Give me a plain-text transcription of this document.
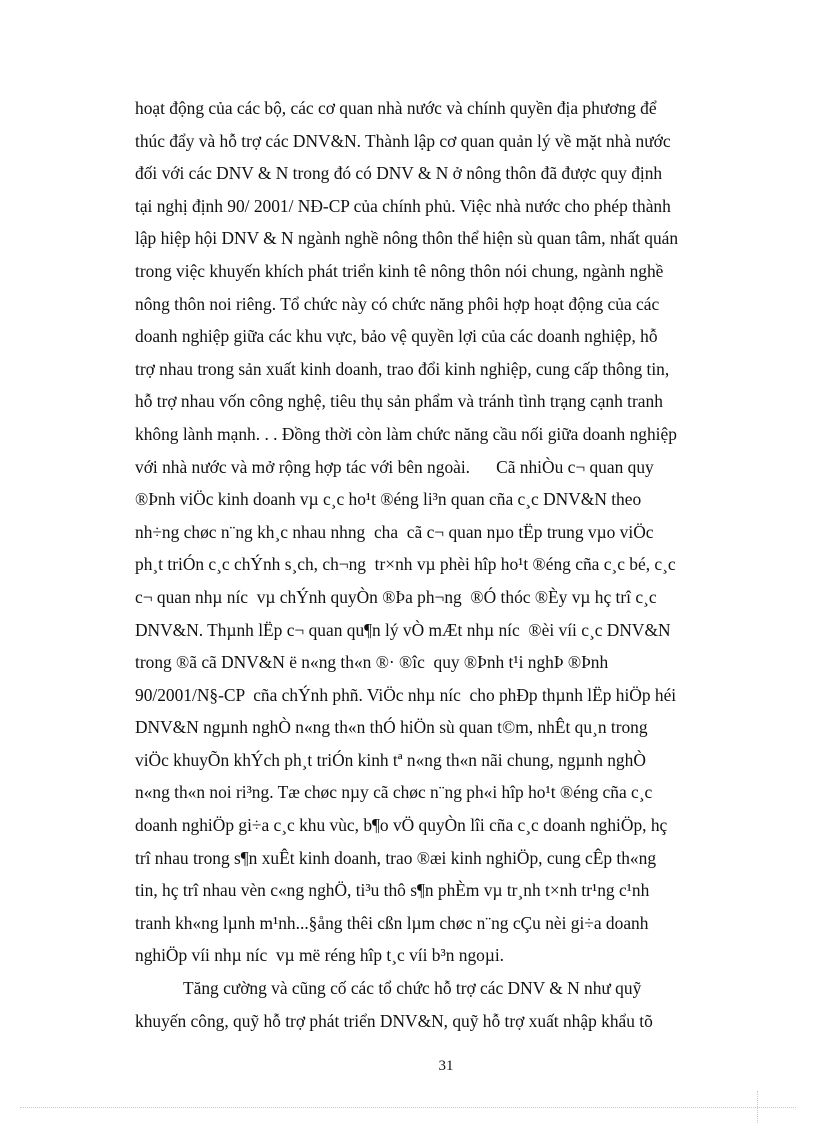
hoạt động của các bộ, các cơ quan nhà nước và chính quyền địa phương để
thúc đẩy và hỗ trợ các DNV&N. Thành lập cơ quan quản lý về mặt nhà nước
đối với các DNV & N trong đó có DNV & N ở nông thôn đã được quy định
tại nghị định 90/ 2001/ NĐ-CP của chính phủ. Việc nhà nước cho phép thành
lập hiệp hội DNV & N ngành nghề nông thôn thể hiện sù quan tâm, nhất quán
trong việc khuyến khích phát triển kinh tê nông thôn nói chung, ngành nghề
nông thôn noi riêng. Tổ chức này có chức năng phôi hợp hoạt động của các
doanh nghiệp giữa các khu vực, bảo vệ quyền lợi của các doanh nghiệp, hỗ
trợ nhau trong sản xuất kinh doanh, trao đổi kinh nghiệp, cung cấp thông tin,
hỗ trợ nhau vốn công nghệ, tiêu thụ sản phẩm và tránh tình trạng cạnh tranh
không lành mạnh. . . Đồng thời còn làm chức năng cầu nối giữa doanh nghiệp
với nhà nước và mở rộng hợp tác với bên ngoài.      Cã nhiÒu c¬ quan quy
®Þnh viÖc kinh doanh vµ c¸c ho¹t ®éng li³n quan cña c¸c DNV&N theo
nh÷ng chøc n¨ng kh¸c nhau nhng  cha  cã c¬ quan nµo tËp trung vµo viÖc
ph¸t triÓn c¸c chÝnh s¸ch, ch¬ng  tr×nh vµ phèi hîp ho¹t ®éng cña c¸c bé, c¸c
c¬ quan nhµ níc  vµ chÝnh quyÒn ®Þa ph¬ng  ®Ó thóc ®Èy vµ hç trî c¸c
DNV&N. Thµnh lËp c¬ quan qu¶n lý vÒ mÆt nhµ níc  ®èi víi c¸c DNV&N
trong ®ã cã DNV&N ë n«ng th«n ®· ®îc  quy ®Þnh t¹i nghÞ ®Þnh
90/2001/N§-CP  cña chÝnh phñ. ViÖc nhµ níc  cho phÐp thµnh lËp hiÖp héi
DNV&N ngµnh nghÒ n«ng th«n thÓ hiÖn sù quan t©m, nhÊt qu¸n trong
viÖc khuyÕn khÝch ph¸t triÓn kinh tª n«ng th«n nãi chung, ngµnh nghÒ
n«ng th«n noi ri³ng. Tæ chøc nµy cã chøc n¨ng ph«i hîp ho¹t ®éng cña c¸c
doanh nghiÖp gi÷a c¸c khu vùc, b¶o vÖ quyÒn lîi cña c¸c doanh nghiÖp, hç
trî nhau trong s¶n xuÊt kinh doanh, trao ®æi kinh nghiÖp, cung cÊp th«ng
tin, hç trî nhau vèn c«ng nghÖ, ti³u thô s¶n phÈm vµ tr¸nh t×nh tr¹ng c¹nh
tranh kh«ng lµnh m¹nh...§ång thêi cßn lµm chøc n¨ng cÇu nèi gi÷a doanh
nghiÖp víi nhµ níc  vµ më réng hîp t¸c víi b³n ngoµi.
Tăng cường và cũng cố các tổ chức hỗ trợ các DNV & N như quỹ
khuyến công, quỹ hỗ trợ phát triển DNV&N, quỹ hỗ trợ xuất nhập khẩu tõ
31
